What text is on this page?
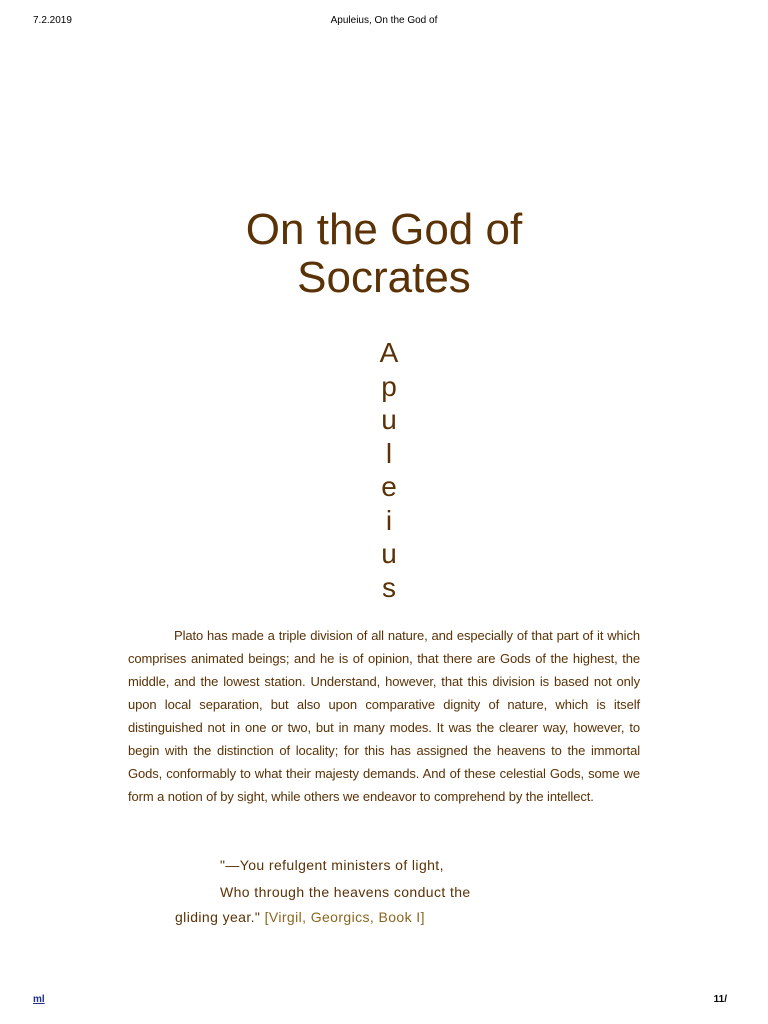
7.2.2019	Apuleius, On the God of
On the God of
Socrates
A
p
u
l
e
i
u
s

Plato has made a triple division of all nature, and especially of that part of it which comprises animated beings; and he is of opinion, that there are Gods of the highest, the middle, and the lowest station. Understand, however, that this division is based not only upon local separation, but also upon comparative dignity of nature, which is itself distinguished not in one or two, but in many modes. It was the clearer way, however, to begin with the distinction of locality; for this has assigned the heavens to the immortal Gods, conformably to what their majesty demands. And of these celestial Gods, some we form a notion of by sight, while others we endeavor to comprehend by the intellect.

"—You refulgent ministers of light,
Who through the heavens conduct the
gliding year." [Virgil, Georgics, Book I]
ml	11/
